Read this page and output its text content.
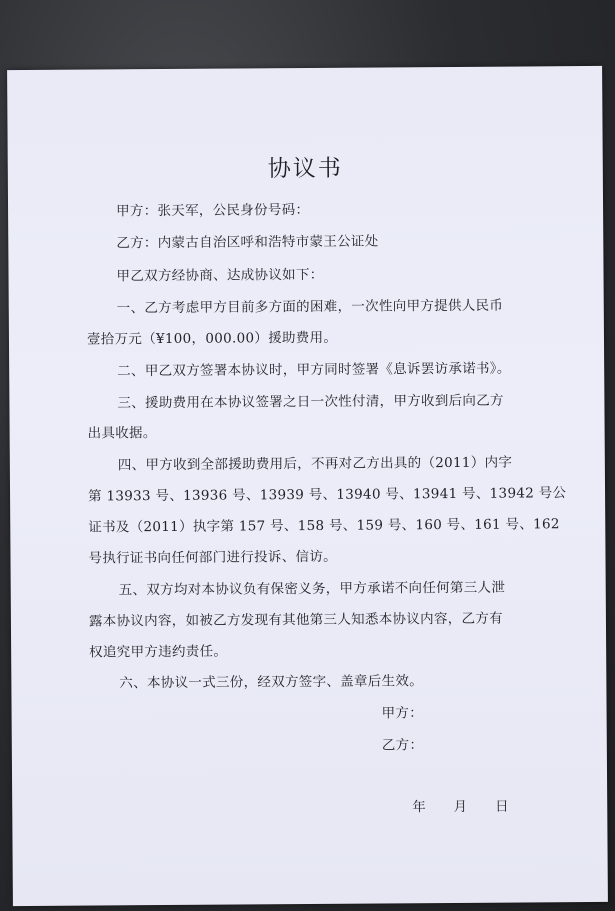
协议书
甲方：张天军，公民身份号码：
乙方：内蒙古自治区呼和浩特市蒙王公证处
甲乙双方经协商、达成协议如下：
一、乙方考虑甲方目前多方面的困难，一次性向甲方提供人民币
壹拾万元（¥100，000.00）援助费用。
二、甲乙双方签署本协议时，甲方同时签署《息诉罢访承诺书》。
三、援助费用在本协议签署之日一次性付清，甲方收到后向乙方
出具收据。
四、甲方收到全部援助费用后，不再对乙方出具的（2011）内字
第 13933 号、13936 号、13939 号、13940 号、13941 号、13942 号公
证书及（2011）执字第 157 号、158 号、159 号、160 号、161 号、162
号执行证书向任何部门进行投诉、信访。
五、双方均对本协议负有保密义务，甲方承诺不向任何第三人泄
露本协议内容，如被乙方发现有其他第三人知悉本协议内容，乙方有
权追究甲方违约责任。
六、本协议一式三份，经双方签字、盖章后生效。
甲方：
乙方：
年　　月　　日
